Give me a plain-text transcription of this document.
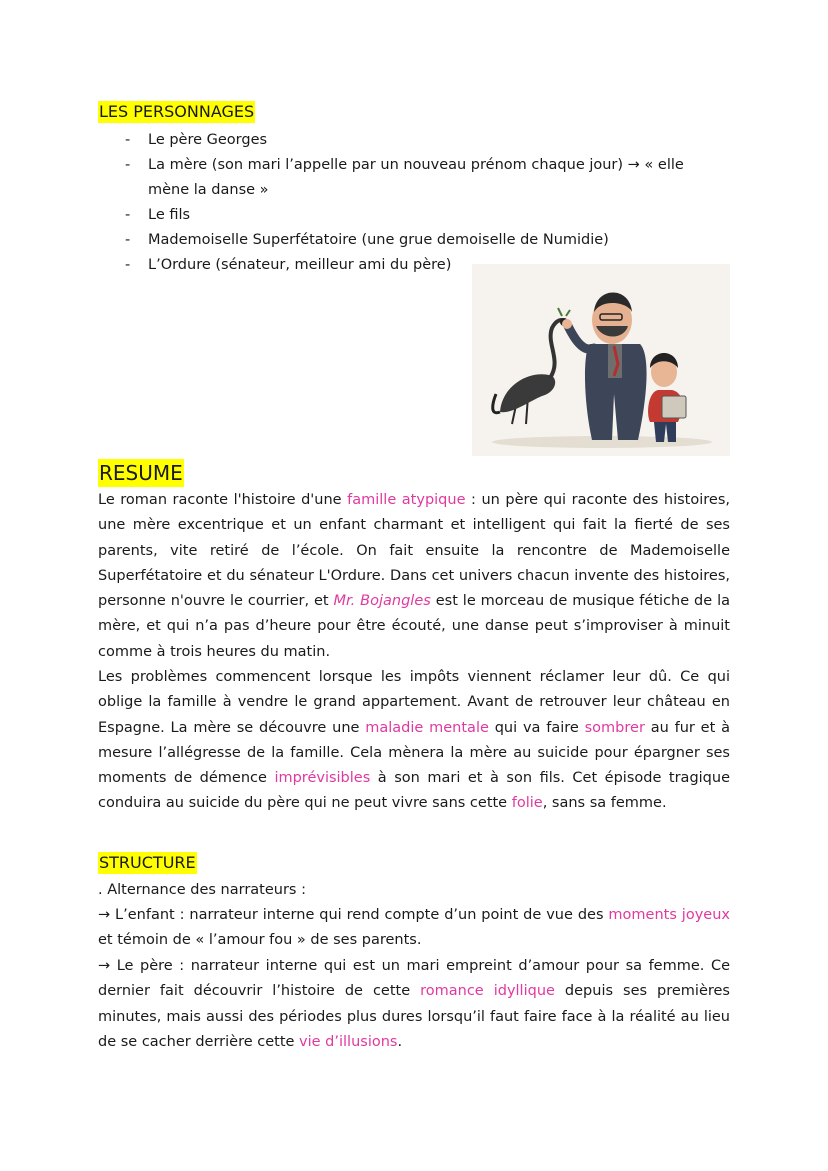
LES PERSONNAGES
- Le père Georges
- La mère (son mari l’appelle par un nouveau prénom chaque jour) → « elle mène la danse »
- Le fils
- Mademoiselle Superfétatoire (une grue demoiselle de Numidie)
- L’Ordure (sénateur, meilleur ami du père)
RESUME

Le roman raconte l'histoire d'une famille atypique : un père qui raconte des histoires, une mère excentrique et un enfant charmant et intelligent qui fait la fierté de ses parents, vite retiré de l’école. On fait ensuite la rencontre de Mademoiselle Superfétatoire et du sénateur L'Ordure. Dans cet univers chacun invente des histoires, personne n'ouvre le courrier, et Mr. Bojangles est le morceau de musique fétiche de la mère, et qui n’a pas d’heure pour être écouté, une danse peut s’improviser à minuit comme à trois heures du matin.

Les problèmes commencent lorsque les impôts viennent réclamer leur dû. Ce qui oblige la famille à vendre le grand appartement. Avant de retrouver leur château en Espagne. La mère se découvre une maladie mentale qui va faire sombrer au fur et à mesure l’allégresse de la famille. Cela mènera la mère au suicide pour épargner ses moments de démence imprévisibles à son mari et à son fils. Cet épisode tragique conduira au suicide du père qui ne peut vivre sans cette folie, sans sa femme.

STRUCTURE

. Alternance des narrateurs :

→ L’enfant : narrateur interne qui rend compte d’un point de vue des moments joyeux et témoin de « l’amour fou » de ses parents.

→ Le père : narrateur interne qui est un mari empreint d’amour pour sa femme. Ce dernier fait découvrir l’histoire de cette romance idyllique depuis ses premières minutes, mais aussi des périodes plus dures lorsqu’il faut faire face à la réalité au lieu de se cacher derrière cette vie d’illusions.
